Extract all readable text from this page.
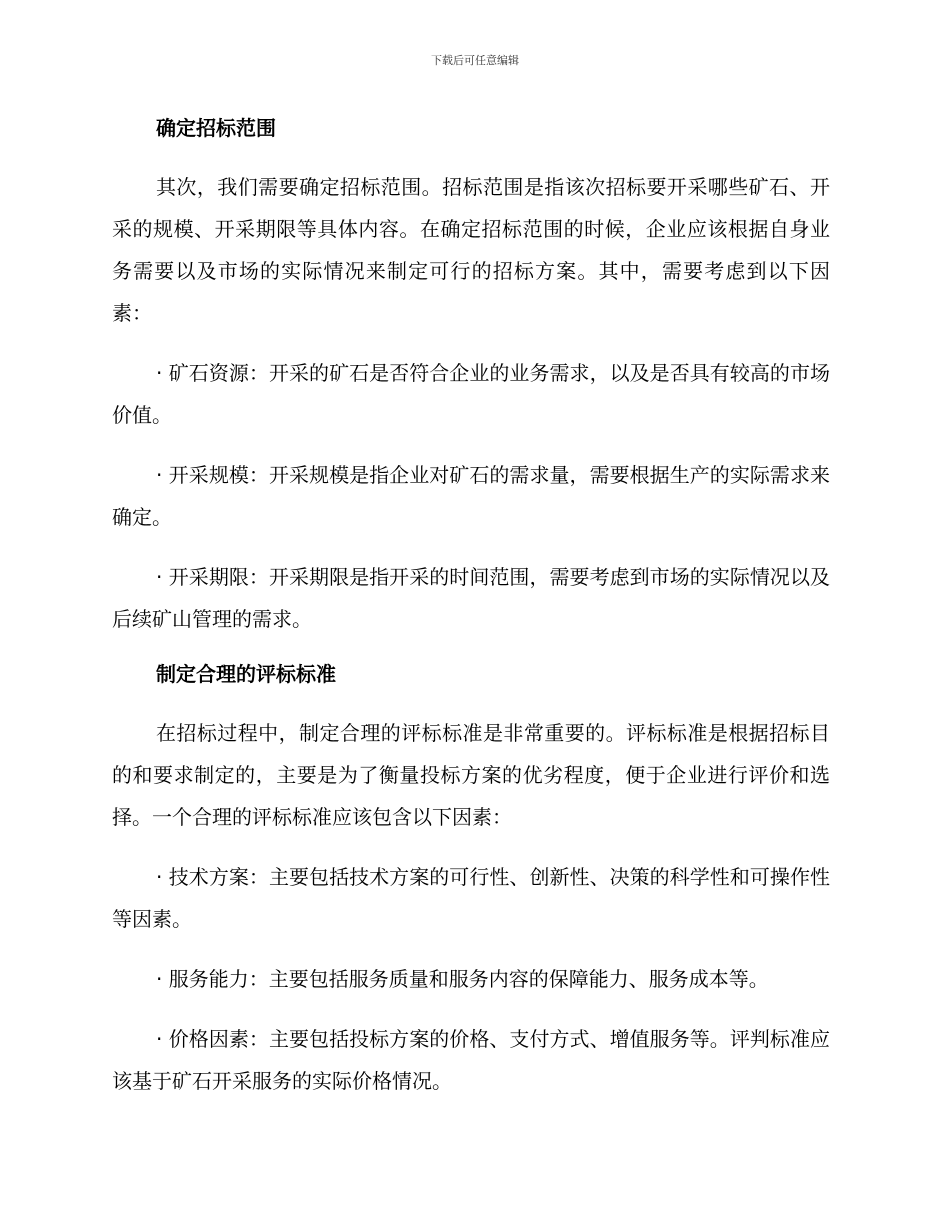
下载后可任意编辑
确定招标范围

其次，我们需要确定招标范围。招标范围是指该次招标要开采哪些矿石、开采的规模、开采期限等具体内容。在确定招标范围的时候，企业应该根据自身业务需要以及市场的实际情况来制定可行的招标方案。其中，需要考虑到以下因素：

· 矿石资源：开采的矿石是否符合企业的业务需求，以及是否具有较高的市场价值。

· 开采规模：开采规模是指企业对矿石的需求量，需要根据生产的实际需求来确定。

· 开采期限：开采期限是指开采的时间范围，需要考虑到市场的实际情况以及后续矿山管理的需求。

制定合理的评标标准

在招标过程中，制定合理的评标标准是非常重要的。评标标准是根据招标目的和要求制定的，主要是为了衡量投标方案的优劣程度，便于企业进行评价和选择。一个合理的评标标准应该包含以下因素：

· 技术方案：主要包括技术方案的可行性、创新性、决策的科学性和可操作性等因素。

· 服务能力：主要包括服务质量和服务内容的保障能力、服务成本等。

· 价格因素：主要包括投标方案的价格、支付方式、增值服务等。评判标准应该基于矿石开采服务的实际价格情况。
